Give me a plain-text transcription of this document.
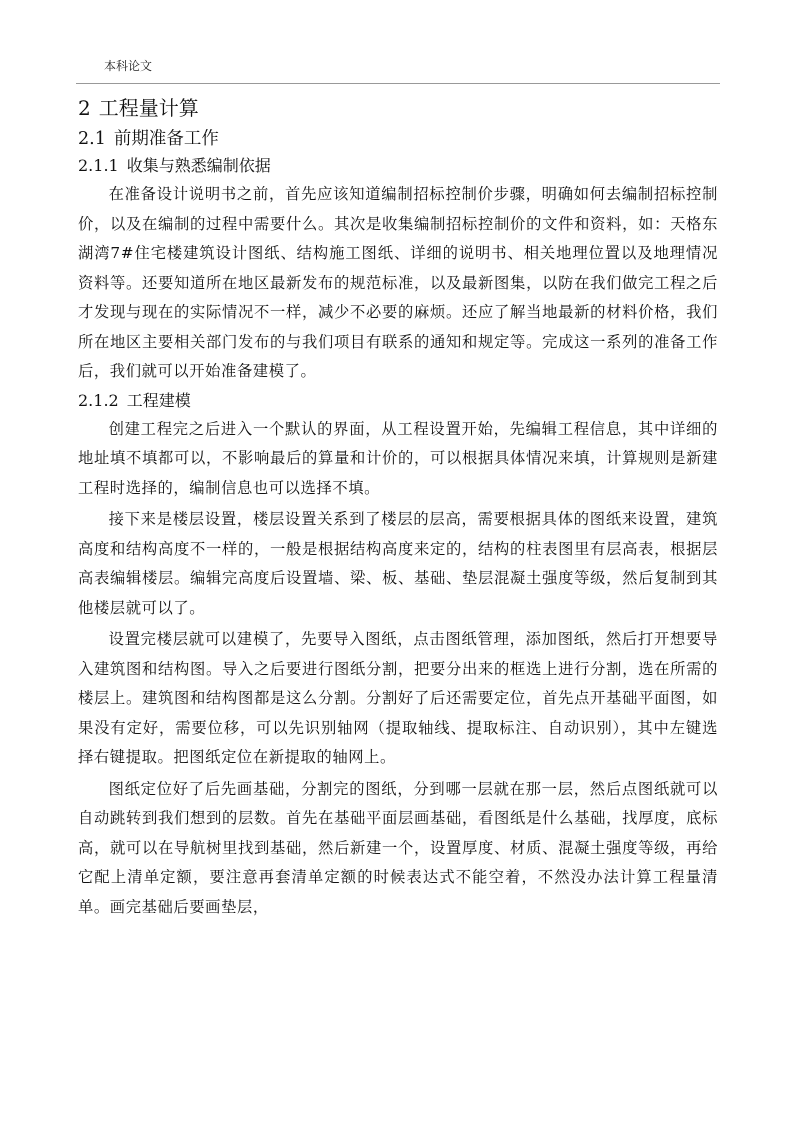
本科论文
2 工程量计算
2.1 前期准备工作
2.1.1 收集与熟悉编制依据

在准备设计说明书之前，首先应该知道编制招标控制价步骤，明确如何去编制招标控制价，以及在编制的过程中需要什么。其次是收集编制招标控制价的文件和资料，如：天格东湖湾7#住宅楼建筑设计图纸、结构施工图纸、详细的说明书、相关地理位置以及地理情况资料等。还要知道所在地区最新发布的规范标准，以及最新图集，以防在我们做完工程之后才发现与现在的实际情况不一样，减少不必要的麻烦。还应了解当地最新的材料价格，我们所在地区主要相关部门发布的与我们项目有联系的通知和规定等。完成这一系列的准备工作后，我们就可以开始准备建模了。

2.1.2 工程建模

创建工程完之后进入一个默认的界面，从工程设置开始，先编辑工程信息，其中详细的地址填不填都可以，不影响最后的算量和计价的，可以根据具体情况来填，计算规则是新建工程时选择的，编制信息也可以选择不填。

接下来是楼层设置，楼层设置关系到了楼层的层高，需要根据具体的图纸来设置，建筑高度和结构高度不一样的，一般是根据结构高度来定的，结构的柱表图里有层高表，根据层高表编辑楼层。编辑完高度后设置墙、梁、板、基础、垫层混凝土强度等级，然后复制到其他楼层就可以了。

设置完楼层就可以建模了，先要导入图纸，点击图纸管理，添加图纸，然后打开想要导入建筑图和结构图。导入之后要进行图纸分割，把要分出来的框选上进行分割，选在所需的楼层上。建筑图和结构图都是这么分割。分割好了后还需要定位，首先点开基础平面图，如果没有定好，需要位移，可以先识别轴网（提取轴线、提取标注、自动识别），其中左键选择右键提取。把图纸定位在新提取的轴网上。

图纸定位好了后先画基础，分割完的图纸，分到哪一层就在那一层，然后点图纸就可以自动跳转到我们想到的层数。首先在基础平面层画基础，看图纸是什么基础，找厚度，底标高，就可以在导航树里找到基础，然后新建一个，设置厚度、材质、混凝土强度等级，再给它配上清单定额，要注意再套清单定额的时候表达式不能空着，不然没办法计算工程量清单。画完基础后要画垫层，
